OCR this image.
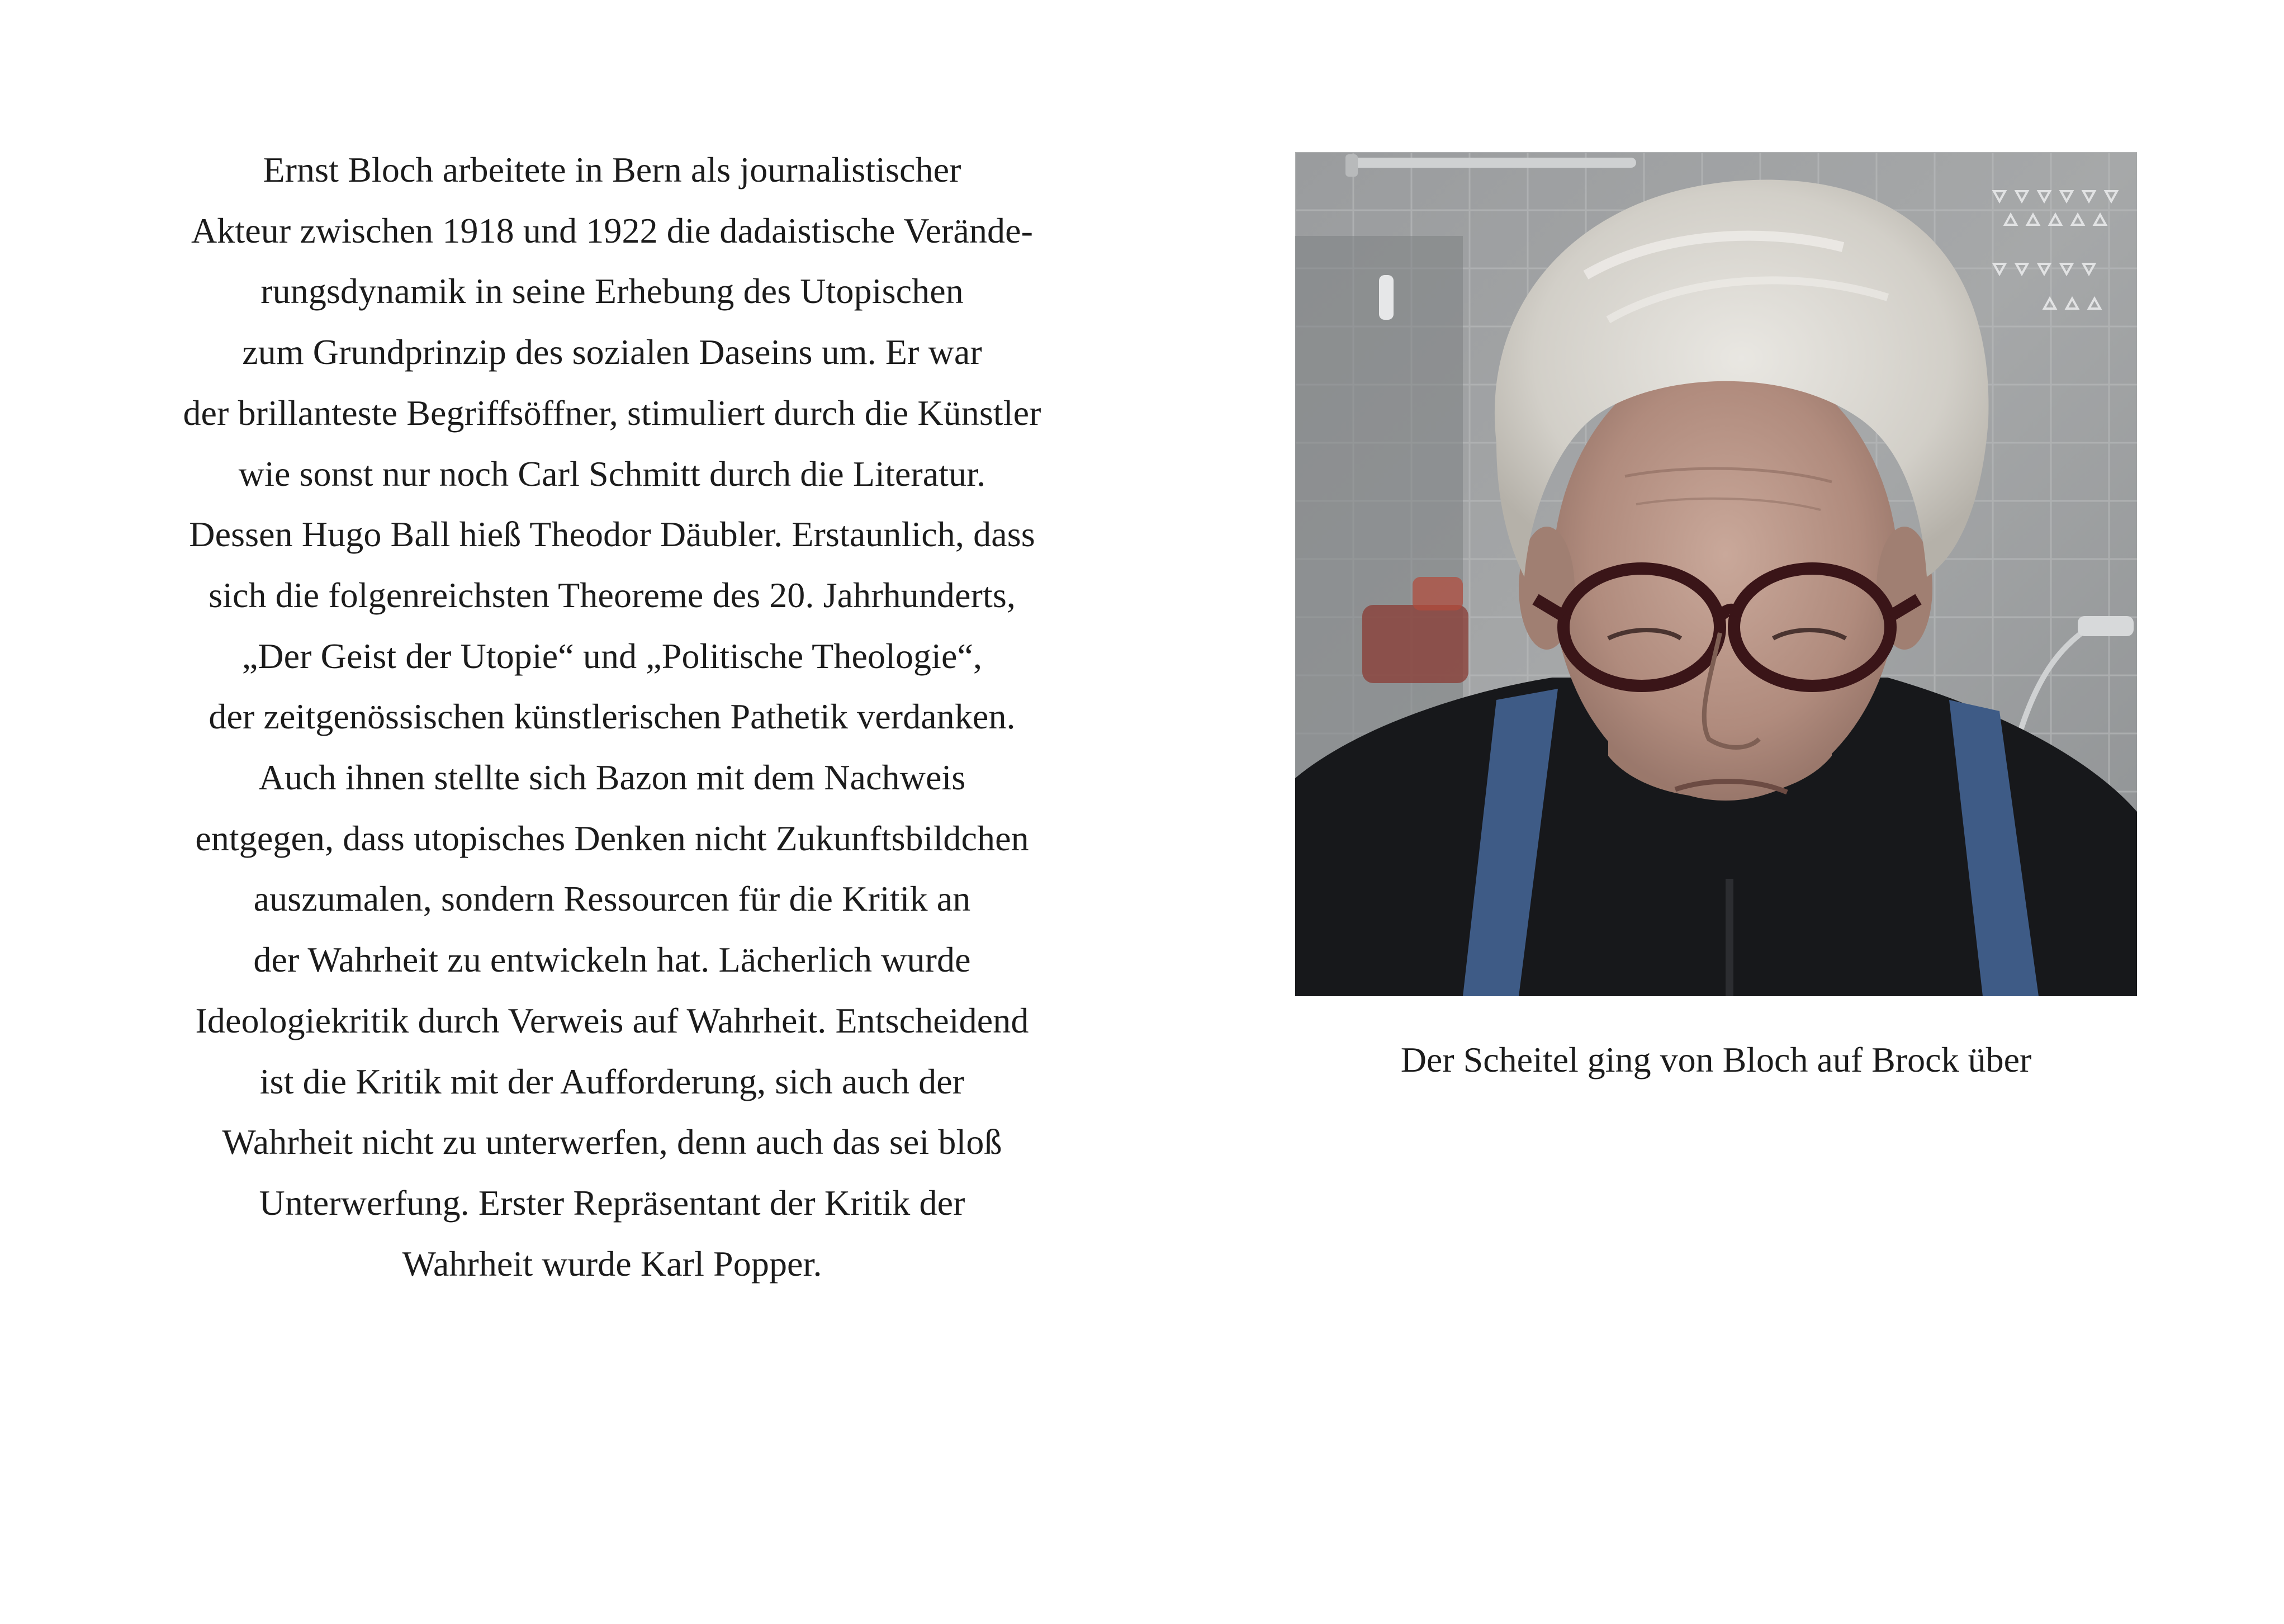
Ernst Bloch arbeitete in Bern als journalistischer
Akteur zwischen 1918 und 1922 die dadaistische Verände-
rungsdynamik in seine Erhebung des Utopischen
zum Grundprinzip des sozialen Daseins um. Er war
der brillanteste Begriffsöffner, stimuliert durch die Künstler
wie sonst nur noch Carl Schmitt durch die Literatur.
Dessen Hugo Ball hieß Theodor Däubler. Erstaunlich, dass
sich die folgenreichsten Theoreme des 20. Jahrhunderts,
„Der Geist der Utopie“ und „Politische Theologie“,
der zeitgenössischen künstlerischen Pathetik verdanken.
Auch ihnen stellte sich Bazon mit dem Nachweis
entgegen, dass utopisches Denken nicht Zukunftsbildchen
auszumalen, sondern Ressourcen für die Kritik an
der Wahrheit zu entwickeln hat. Lächerlich wurde
Ideologiekritik durch Verweis auf Wahrheit. Entscheidend
ist die Kritik mit der Aufforderung, sich auch der
Wahrheit nicht zu unterwerfen, denn auch das sei bloß
Unterwerfung. Erster Repräsentant der Kritik der
Wahrheit wurde Karl Popper.
Der Scheitel ging von Bloch auf Brock über
